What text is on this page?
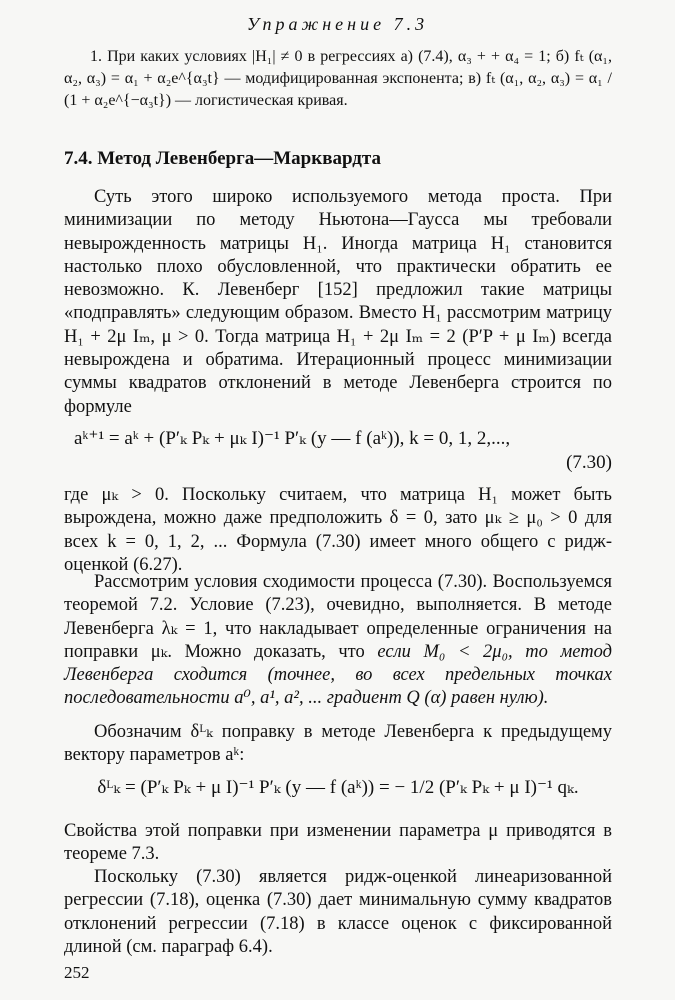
Упражнение 7.3

1. При каких условиях |H₁| ≠ 0 в регрессиях а) (7.4), α₃ + + α₄ = 1; б) fₜ (α₁, α₂, α₃) = α₁ + α₂e^{α₃t} — модифицированная экспонента; в) fₜ (α₁, α₂, α₃) = α₁ / (1 + α₂e^{−α₃t}) — логистическая кривая.

7.4. Метод Левенберга—Марквардта

Суть этого широко используемого метода проста. При минимизации по методу Ньютона—Гаусса мы требовали невырожденность матрицы H₁. Иногда матрица H₁ становится настолько плохо обусловленной, что практически обратить ее невозможно. К. Левенберг [152] предложил такие матрицы «подправлять» следующим образом. Вместо H₁ рассмотрим матрицу H₁ + 2μ Iₘ, μ > 0. Тогда матрица H₁ + 2μ Iₘ = 2 (P′P + μ Iₘ) всегда невырождена и обратима. Итерационный процесс минимизации суммы квадратов отклонений в методе Левенберга строится по формуле

aᵏ⁺¹ = aᵏ + (P′ₖ Pₖ + μₖ I)⁻¹ P′ₖ (y — f (aᵏ)), k = 0, 1, 2,...,
(7.30)

где μₖ > 0. Поскольку считаем, что матрица H₁ может быть вырождена, можно даже предположить δ = 0, зато μₖ ≥ μ₀ > 0 для всех k = 0, 1, 2, ... Формула (7.30) имеет много общего с ридж-оценкой (6.27).

Рассмотрим условия сходимости процесса (7.30). Воспользуемся теоремой 7.2. Условие (7.23), очевидно, выполняется. В методе Левенберга λₖ = 1, что накладывает определенные ограничения на поправки μₖ. Можно доказать, что если M₀ < 2μ₀, то метод Левенберга сходится (точнее, во всех предельных точках последовательности a⁰, a¹, a², ... градиент Q (α) равен нулю).

Обозначим δᴸₖ поправку в методе Левенберга к предыдущему вектору параметров aᵏ:

δᴸₖ = (P′ₖ Pₖ + μ I)⁻¹ P′ₖ (y — f (aᵏ)) = − 1/2 (P′ₖ Pₖ + μ I)⁻¹ qₖ.

Свойства этой поправки при изменении параметра μ приводятся в теореме 7.3.

Поскольку (7.30) является ридж-оценкой линеаризованной регрессии (7.18), оценка (7.30) дает минимальную сумму квадратов отклонений регрессии (7.18) в классе оценок с фиксированной длиной (см. параграф 6.4).

252
